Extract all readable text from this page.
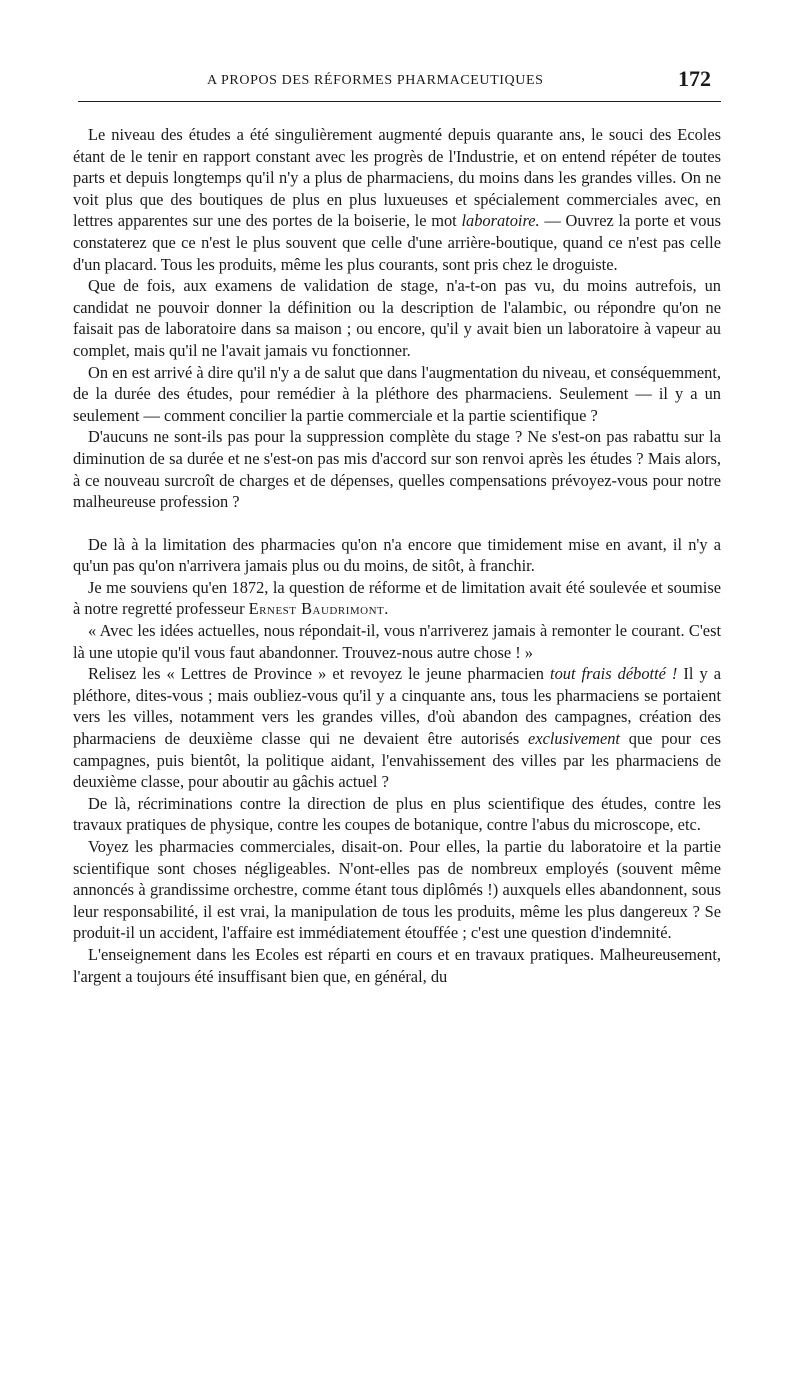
A PROPOS DES RÉFORMES PHARMACEUTIQUES	172

Le niveau des études a été singulièrement augmenté depuis quarante ans, le souci des Ecoles étant de le tenir en rapport constant avec les progrès de l'Industrie, et on entend répéter de toutes parts et depuis longtemps qu'il n'y a plus de pharmaciens, du moins dans les grandes villes. On ne voit plus que des boutiques de plus en plus luxueuses et spécialement commerciales avec, en lettres apparentes sur une des portes de la boiserie, le mot laboratoire. — Ouvrez la porte et vous constaterez que ce n'est le plus souvent que celle d'une arrière-boutique, quand ce n'est pas celle d'un placard. Tous les produits, même les plus courants, sont pris chez le droguiste.

Que de fois, aux examens de validation de stage, n'a-t-on pas vu, du moins autrefois, un candidat ne pouvoir donner la définition ou la description de l'alambic, ou répondre qu'on ne faisait pas de laboratoire dans sa maison ; ou encore, qu'il y avait bien un laboratoire à vapeur au complet, mais qu'il ne l'avait jamais vu fonctionner.

On en est arrivé à dire qu'il n'y a de salut que dans l'augmentation du niveau, et conséquemment, de la durée des études, pour remédier à la pléthore des pharmaciens. Seulement — il y a un seulement — comment concilier la partie commerciale et la partie scientifique ?

D'aucuns ne sont-ils pas pour la suppression complète du stage ? Ne s'est-on pas rabattu sur la diminution de sa durée et ne s'est-on pas mis d'accord sur son renvoi après les études ? Mais alors, à ce nouveau surcroît de charges et de dépenses, quelles compensations prévoyez-vous pour notre malheureuse profession ?

De là à la limitation des pharmacies qu'on n'a encore que timidement mise en avant, il n'y a qu'un pas qu'on n'arrivera jamais plus ou du moins, de sitôt, à franchir.

Je me souviens qu'en 1872, la question de réforme et de limitation avait été soulevée et soumise à notre regretté professeur Ernest Baudrimont.

« Avec les idées actuelles, nous répondait-il, vous n'arriverez jamais à remonter le courant. C'est là une utopie qu'il vous faut abandonner. Trouvez-nous autre chose ! »

Relisez les « Lettres de Province » et revoyez le jeune pharmacien tout frais débotté ! Il y a pléthore, dites-vous ; mais oubliez-vous qu'il y a cinquante ans, tous les pharmaciens se portaient vers les villes, notamment vers les grandes villes, d'où abandon des campagnes, création des pharmaciens de deuxième classe qui ne devaient être autorisés exclusivement que pour ces campagnes, puis bientôt, la politique aidant, l'envahissement des villes par les pharmaciens de deuxième classe, pour aboutir au gâchis actuel ?

De là, récriminations contre la direction de plus en plus scientifique des études, contre les travaux pratiques de physique, contre les coupes de botanique, contre l'abus du microscope, etc.

Voyez les pharmacies commerciales, disait-on. Pour elles, la partie du laboratoire et la partie scientifique sont choses négligeables. N'ont-elles pas de nombreux employés (souvent même annoncés à grandissime orchestre, comme étant tous diplômés !) auxquels elles abandonnent, sous leur responsabilité, il est vrai, la manipulation de tous les produits, même les plus dangereux ? Se produit-il un accident, l'affaire est immédiatement étouffée ; c'est une question d'indemnité.

L'enseignement dans les Ecoles est réparti en cours et en travaux pratiques. Malheureusement, l'argent a toujours été insuffisant bien que, en général, du
